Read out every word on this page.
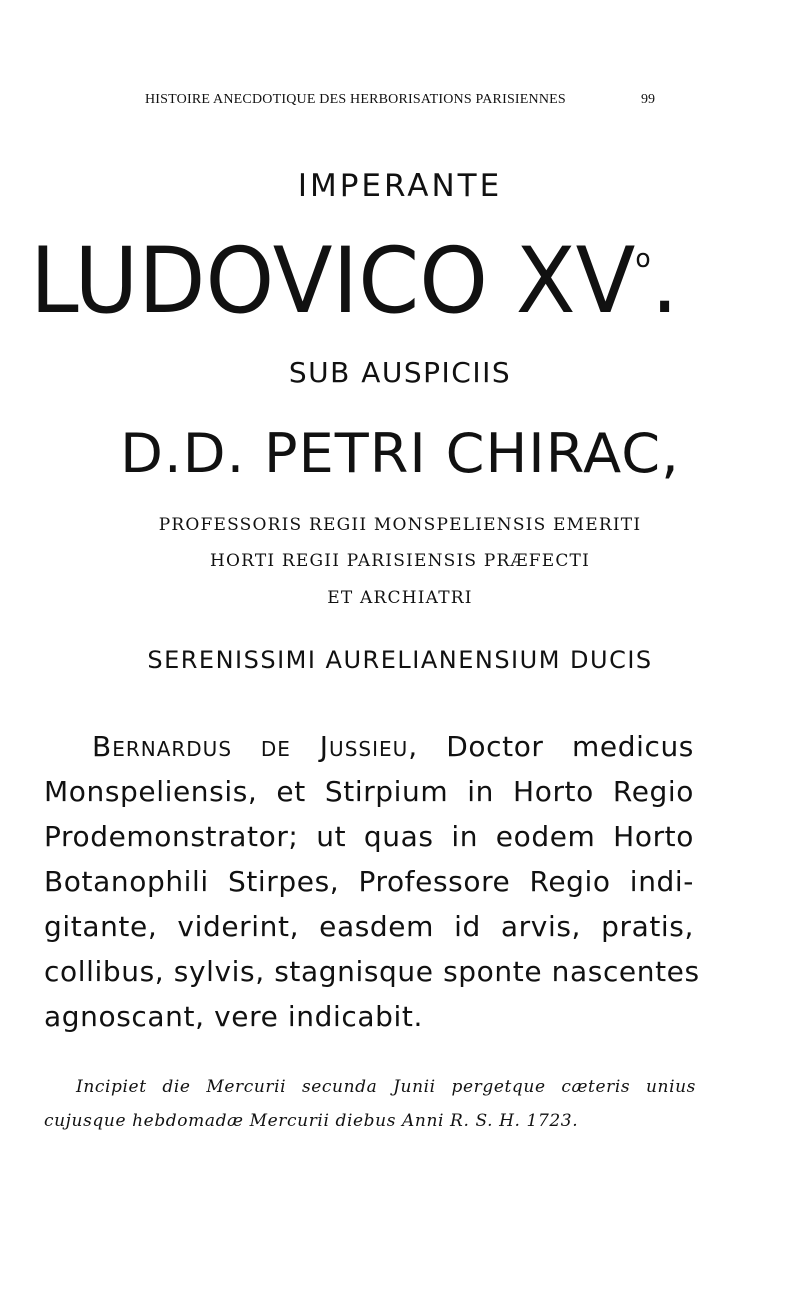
HISTOIRE ANECDOTIQUE DES HERBORISATIONS PARISIENNES	99
IMPERANTE
LUDOVICO $XV^o$.
SUB AUSPICIIS
D.D. PETRI CHIRAC,
PROFESSORIS REGII MONSPELIENSIS EMERITI
HORTI REGII PARISIENSIS PRÆFECTI
ET ARCHIATRI
SERENISSIMI AURELIANENSIUM DUCIS
Bernardus de Jussieu, Doctor medicus
Monspeliensis, et Stirpium in Horto Regio
Prodemonstrator; ut quas in eodem Horto
Botanophili Stirpes, Professore Regio indi-
gitante, viderint, easdem id arvis, pratis,
collibus, sylvis, stagnisque sponte nascentes
agnoscant, vere indicabit.
Incipiet die Mercurii secunda Junii pergetque cæteris unius
cujusque hebdomadæ Mercurii diebus Anni R. S. H. 1723.
